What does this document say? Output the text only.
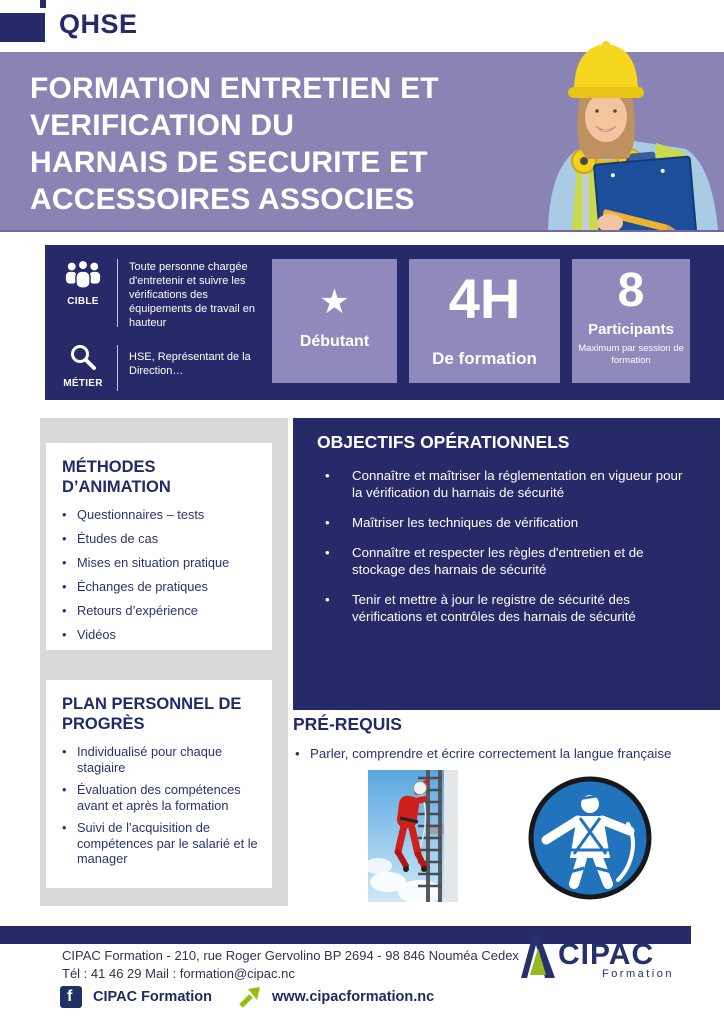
QHSE
FORMATION ENTRETIEN ET
VERIFICATION DU
HARNAIS DE SECURITE ET
ACCESSOIRES ASSOCIES
CIBLE
Toute personne chargée d'entretenir et suivre les vérifications des équipements de travail en hauteur
MÉTIER
HSE, Représentant de la Direction…
★
Débutant
4H
De formation
8
Participants
Maximum par session de formation
MÉTHODES D’ANIMATION
• Questionnaires – tests
• Études de cas
• Mises en situation pratique
• Échanges de pratiques
• Retours d’expérience
• Vidéos
PLAN PERSONNEL DE PROGRÈS
• Individualisé pour chaque stagiaire
• Évaluation des compétences avant et après la formation
• Suivi de l’acquisition de compétences par le salarié et le manager
OBJECTIFS OPÉRATIONNELS
• Connaître et maîtriser la réglementation en vigueur pour la vérification du harnais de sécurité
• Maîtriser les techniques de vérification
• Connaître et respecter les règles d'entretien et de stockage des harnais de sécurité
• Tenir et mettre à jour le registre de sécurité des vérifications et contrôles des harnais de sécurité
PRÉ-REQUIS
• Parler, comprendre et écrire correctement la langue française
CIPAC Formation - 210, rue Roger Gervolino BP 2694 - 98 846 Nouméa Cedex
Tél : 41 46 29 Mail : formation@cipac.nc
f
CIPAC Formation	www.cipacformation.nc
CIPAC
Formation
